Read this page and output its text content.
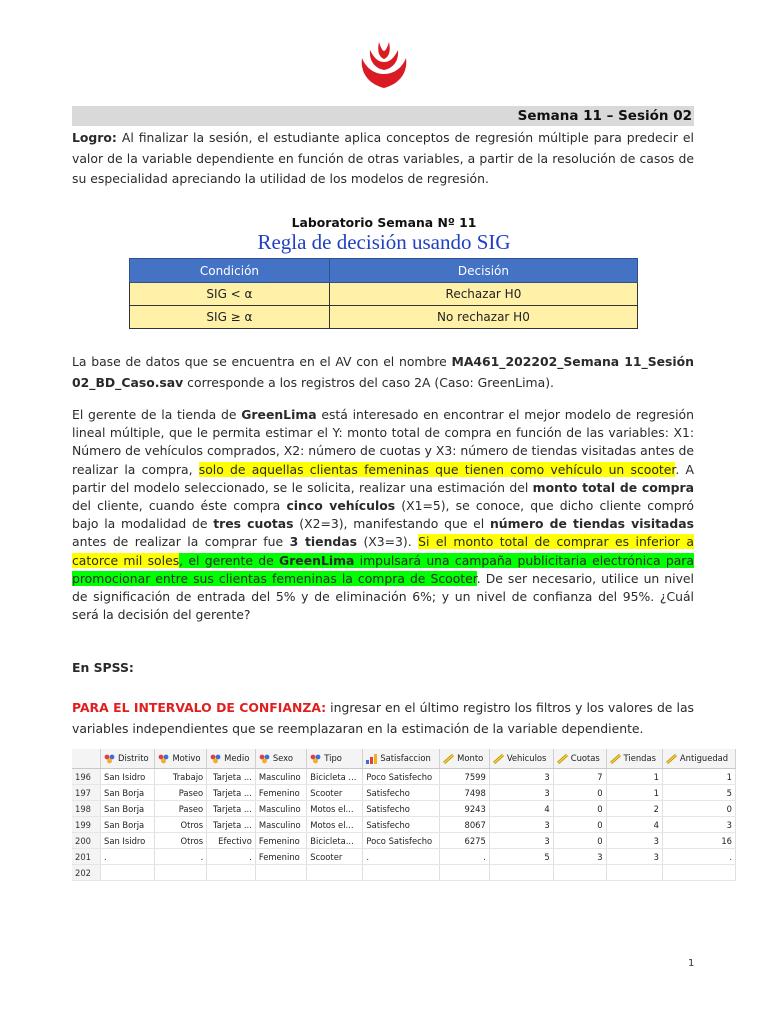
Semana 11 – Sesión 02
Logro: Al finalizar la sesión, el estudiante aplica conceptos de regresión múltiple para predecir el valor de la variable dependiente en función de otras variables, a partir de la resolución de casos de su especialidad apreciando la utilidad de los modelos de regresión.
Laboratorio Semana Nº 11
Regla de decisión usando SIG
Condición	Decisión
SIG < α	Rechazar H0
SIG ≥ α	No rechazar H0
La base de datos que se encuentra en el AV con el nombre MA461_202202_Semana 11_Sesión 02_BD_Caso.sav corresponde a los registros del caso 2A (Caso: GreenLima).
El gerente de la tienda de GreenLima está interesado en encontrar el mejor modelo de regresión lineal múltiple, que le permita estimar el Y: monto total de compra en función de las variables: X1: Número de vehículos comprados, X2: número de cuotas y X3: número de tiendas visitadas antes de realizar la compra, solo de aquellas clientas femeninas que tienen como vehículo un scooter. A partir del modelo seleccionado, se le solicita, realizar una estimación del monto total de compra del cliente, cuando éste compra cinco vehículos (X1=5), se conoce, que dicho cliente compró bajo la modalidad de tres cuotas (X2=3), manifestando que el número de tiendas visitadas antes de realizar la comprar fue 3 tiendas (X3=3). Si el monto total de comprar es inferior a catorce mil soles, el gerente de GreenLima impulsará una campaña publicitaria electrónica para promocionar entre sus clientas femeninas la compra de Scooter. De ser necesario, utilice un nivel de significación de entrada del 5% y de eliminación 6%; y un nivel de confianza del 95%. ¿Cuál será la decisión del gerente?
En SPSS:
PARA EL INTERVALO DE CONFIANZA: ingresar en el último registro los filtros y los valores de las variables independientes que se reemplazaran en la estimación de la variable dependiente.
	Distrito	Motivo	Medio	Sexo	Tipo	Satisfaccion	Monto	Vehiculos	Cuotas	Tiendas	Antiguedad
196	San Isidro	Trabajo	Tarjeta ...	Masculino	Bicicleta ...	Poco Satisfecho	7599	3	7	1	1
197	San Borja	Paseo	Tarjeta ...	Femenino	Scooter	Satisfecho	7498	3	0	1	5
198	San Borja	Paseo	Tarjeta ...	Masculino	Motos el...	Satisfecho	9243	4	0	2	0
199	San Borja	Otros	Tarjeta ...	Masculino	Motos el...	Satisfecho	8067	3	0	4	3
200	San Isidro	Otros	Efectivo	Femenino	Bicicleta...	Poco Satisfecho	6275	3	0	3	16
201	.	.	.	Femenino	Scooter	.	.	5	3	3	.
202											
1
